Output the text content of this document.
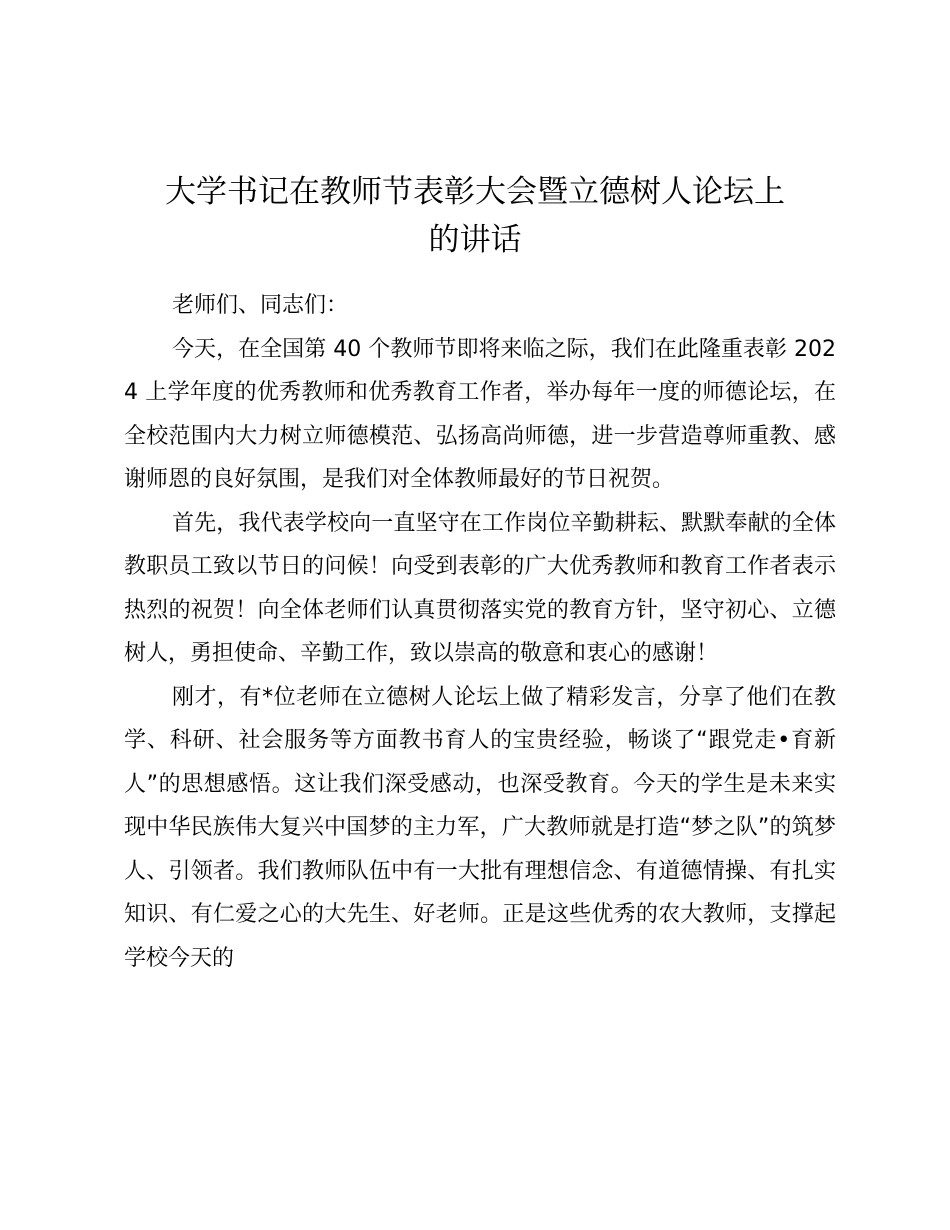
大学书记在教师节表彰大会暨立德树人论坛上
的讲话

老师们、同志们：

今天，在全国第 40 个教师节即将来临之际，我们在此隆重表彰 2024 上学年度的优秀教师和优秀教育工作者，举办每年一度的师德论坛，在全校范围内大力树立师德模范、弘扬高尚师德，进一步营造尊师重教、感谢师恩的良好氛围，是我们对全体教师最好的节日祝贺。

首先，我代表学校向一直坚守在工作岗位辛勤耕耘、默默奉献的全体教职员工致以节日的问候！向受到表彰的广大优秀教师和教育工作者表示热烈的祝贺！向全体老师们认真贯彻落实党的教育方针，坚守初心、立德树人，勇担使命、辛勤工作，致以崇高的敬意和衷心的感谢！

刚才，有*位老师在立德树人论坛上做了精彩发言，分享了他们在教学、科研、社会服务等方面教书育人的宝贵经验，畅谈了“跟党走•育新人”的思想感悟。这让我们深受感动，也深受教育。今天的学生是未来实现中华民族伟大复兴中国梦的主力军，广大教师就是打造“梦之队”的筑梦人、引领者。我们教师队伍中有一大批有理想信念、有道德情操、有扎实知识、有仁爱之心的大先生、好老师。正是这些优秀的农大教师，支撑起学校今天的
